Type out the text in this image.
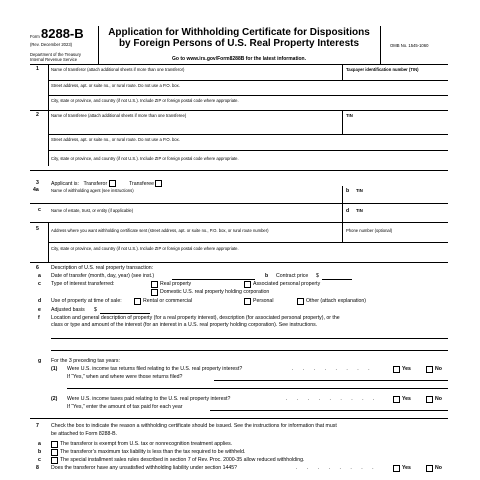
Form 8288-B
(Rev. December 2023)
Department of the Treasury
Internal Revenue Service
Application for Withholding Certificate for Dispositions
by Foreign Persons of U.S. Real Property Interests
Go to www.irs.gov/Form8288B for the latest information.
OMB No. 1545-1060
1	Name of transferor (attach additional sheets if more than one transferor)	Taxpayer identification number (TIN)
Street address, apt. or suite no., or rural route. Do not use a P.O. box.
City, state or province, and country (if not U.S.). Include ZIP or foreign postal code where appropriate.
2	Name of transferee (attach additional sheets if more than one transferee)	TIN
Street address, apt. or suite no., or rural route. Do not use a P.O. box.
City, state or province, and country (if not U.S.). Include ZIP or foreign postal code where appropriate.
3 Applicant is: Transferor	Transferee
4a	Name of withholding agent (see instructions)	b TIN
c Name of estate, trust, or entity (if applicable)	d TIN
5	Address where you want withholding certificate sent (street address, apt. or suite no., P.O. box, or rural route number)	Phone number (optional)
City, state or province, and country (if not U.S.). Include ZIP or foreign postal code where appropriate.
6 Description of U.S. real property transaction:
a Date of transfer (month, day, year) (see inst.)	b Contract price $
c Type of interest transferred:	Real property	Associated personal property
Domestic U.S. real property holding corporation
d Use of property at time of sale:	Rental or commercial	Personal	Other (attach explanation)
e Adjusted basis $
f Location and general description of property (for a real property interest), description (for associated personal property), or the
class or type and amount of the interest (for an interest in a U.S. real property holding corporation). See instructions.
g For the 3 preceding tax years:
(1) Were U.S. income tax returns filed relating to the U.S. real property interest?	. . . . . . . .	Yes	No
If “Yes,” when and where were those returns filed?
(2) Were U.S. income taxes paid relating to the U.S. real property interest?	. . . . . . . . .	Yes	No
If “Yes,” enter the amount of tax paid for each year
7 Check the box to indicate the reason a withholding certificate should be issued. See the instructions for information that must
be attached to Form 8288-B.
a	The transferor is exempt from U.S. tax or nonrecognition treatment applies.
b	The transferor’s maximum tax liability is less than the tax required to be withheld.
c	The special installment sales rules described in section 7 of Rev. Proc. 2000-35 allow reduced withholding.
8 Does the transferor have any unsatisfied withholding liability under section 1445?	. . . . . . . .	Yes	No
